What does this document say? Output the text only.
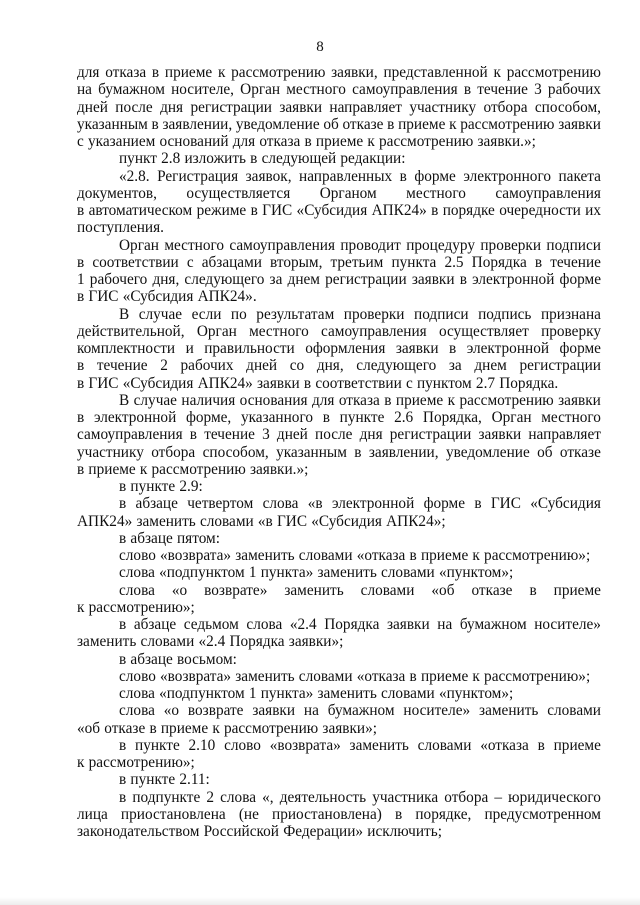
8
для отказа в приеме к рассмотрению заявки, представленной к рассмотрению
на бумажном носителе, Орган местного самоуправления в течение 3 рабочих
дней после дня регистрации заявки направляет участнику отбора способом,
указанным в заявлении, уведомление об отказе в приеме к рассмотрению заявки
с указанием оснований для отказа в приеме к рассмотрению заявки.»;
пункт 2.8 изложить в следующей редакции:
«2.8. Регистрация заявок, направленных в форме электронного пакета
документов, осуществляется Органом местного самоуправления
в автоматическом режиме в ГИС «Субсидия АПК24» в порядке очередности их
поступления.
Орган местного самоуправления проводит процедуру проверки подписи
в соответствии с абзацами вторым, третьим пункта 2.5 Порядка в течение
1 рабочего дня, следующего за днем регистрации заявки в электронной форме
в ГИС «Субсидия АПК24».
В случае если по результатам проверки подписи подпись признана
действительной, Орган местного самоуправления осуществляет проверку
комплектности и правильности оформления заявки в электронной форме
в течение 2 рабочих дней со дня, следующего за днем регистрации
в ГИС «Субсидия АПК24» заявки в соответствии с пунктом 2.7 Порядка.
В случае наличия основания для отказа в приеме к рассмотрению заявки
в электронной форме, указанного в пункте 2.6 Порядка, Орган местного
самоуправления в течение 3 дней после дня регистрации заявки направляет
участнику отбора способом, указанным в заявлении, уведомление об отказе
в приеме к рассмотрению заявки.»;
в пункте 2.9:
в абзаце четвертом слова «в электронной форме в ГИС «Субсидия
АПК24» заменить словами «в ГИС «Субсидия АПК24»;
в абзаце пятом:
слово «возврата» заменить словами «отказа в приеме к рассмотрению»;
слова «подпунктом 1 пункта» заменить словами «пунктом»;
слова «о возврате» заменить словами «об отказе в приеме
к рассмотрению»;
в абзаце седьмом слова «2.4 Порядка заявки на бумажном носителе»
заменить словами «2.4 Порядка заявки»;
в абзаце восьмом:
слово «возврата» заменить словами «отказа в приеме к рассмотрению»;
слова «подпунктом 1 пункта» заменить словами «пунктом»;
слова «о возврате заявки на бумажном носителе» заменить словами
«об отказе в приеме к рассмотрению заявки»;
в пункте 2.10 слово «возврата» заменить словами «отказа в приеме
к рассмотрению»;
в пункте 2.11:
в подпункте 2 слова «, деятельность участника отбора – юридического
лица приостановлена (не приостановлена) в порядке, предусмотренном
законодательством Российской Федерации» исключить;
